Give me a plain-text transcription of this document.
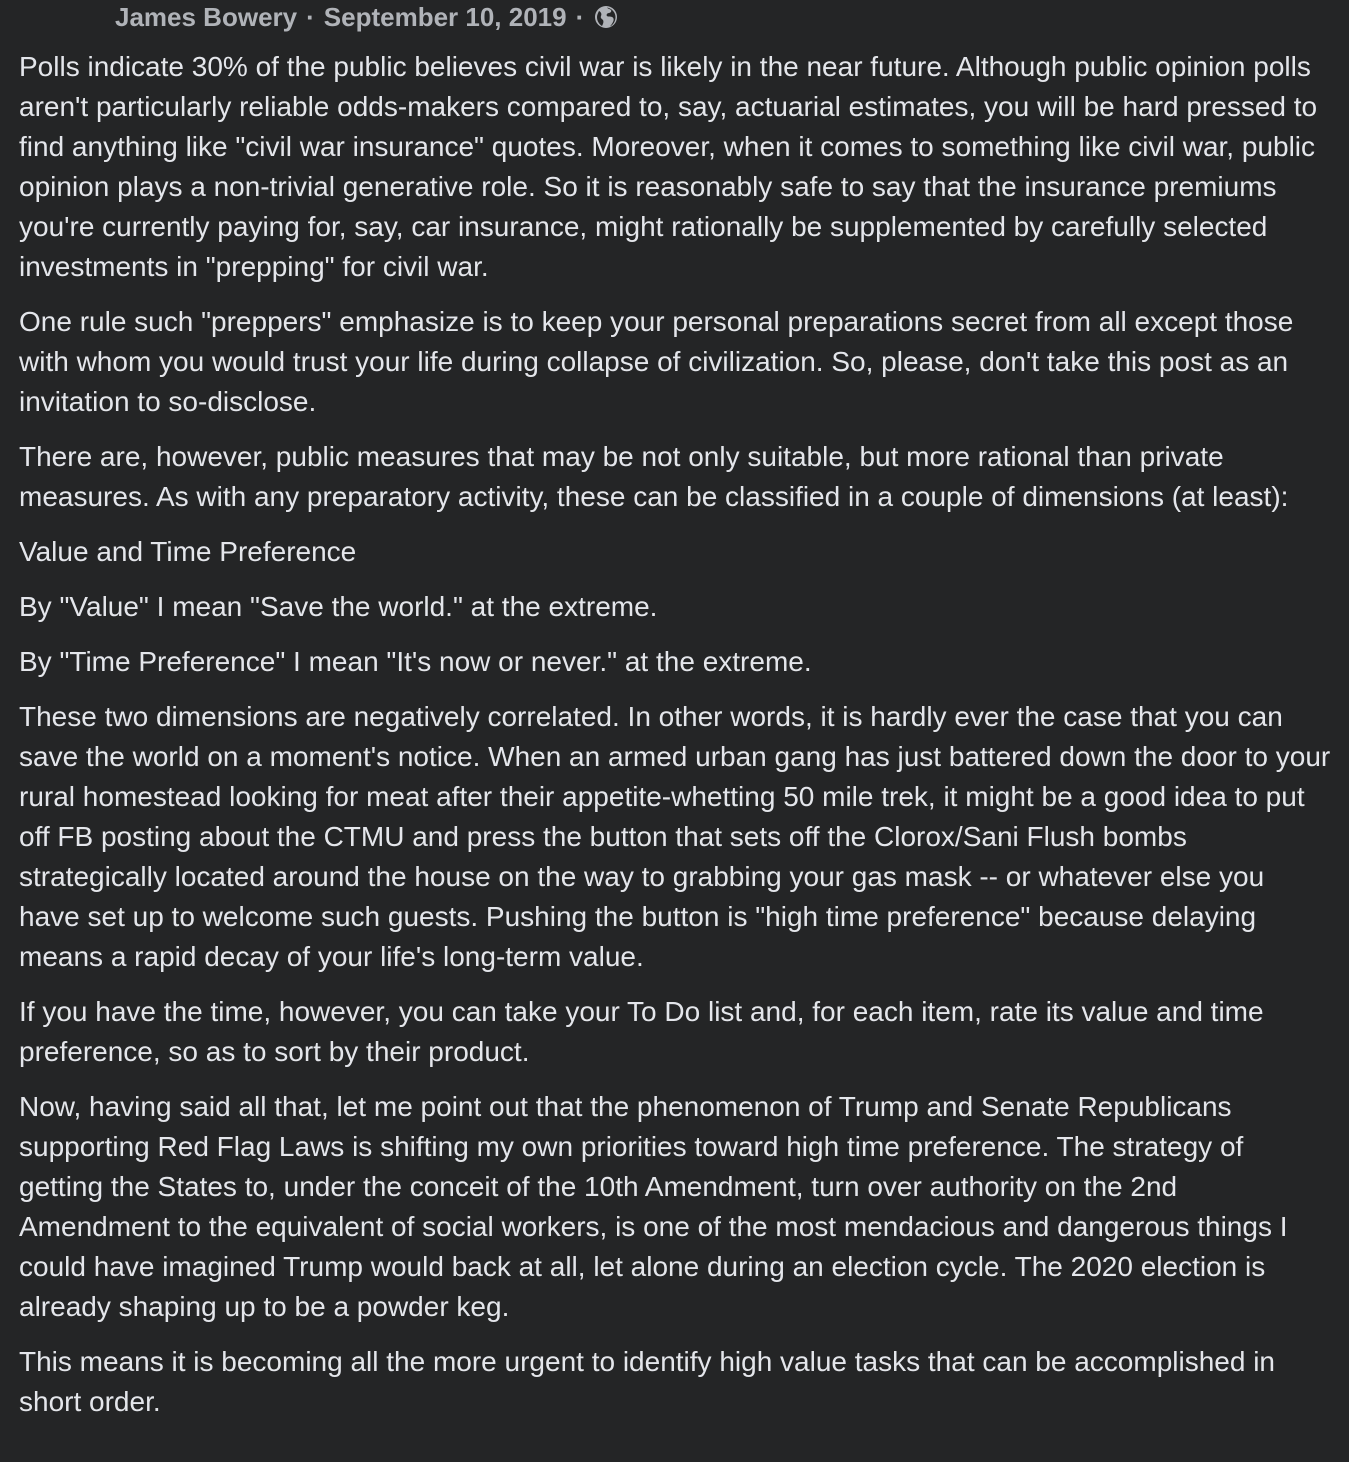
James Bowery · September 10, 2019 ·

Polls indicate 30% of the public believes civil war is likely in the near future. Although public opinion polls aren't particularly reliable odds-makers compared to, say, actuarial estimates, you will be hard pressed to find anything like "civil war insurance" quotes. Moreover, when it comes to something like civil war, public opinion plays a non-trivial generative role. So it is reasonably safe to say that the insurance premiums you're currently paying for, say, car insurance, might rationally be supplemented by carefully selected investments in "prepping" for civil war.

One rule such "preppers" emphasize is to keep your personal preparations secret from all except those with whom you would trust your life during collapse of civilization. So, please, don't take this post as an invitation to so-disclose.

There are, however, public measures that may be not only suitable, but more rational than private measures. As with any preparatory activity, these can be classified in a couple of dimensions (at least):

Value and Time Preference

By "Value" I mean "Save the world." at the extreme.

By "Time Preference" I mean "It's now or never." at the extreme.

These two dimensions are negatively correlated. In other words, it is hardly ever the case that you can save the world on a moment's notice. When an armed urban gang has just battered down the door to your rural homestead looking for meat after their appetite-whetting 50 mile trek, it might be a good idea to put off FB posting about the CTMU and press the button that sets off the Clorox/Sani Flush bombs strategically located around the house on the way to grabbing your gas mask -- or whatever else you have set up to welcome such guests. Pushing the button is "high time preference" because delaying means a rapid decay of your life's long-term value.

If you have the time, however, you can take your To Do list and, for each item, rate its value and time preference, so as to sort by their product.

Now, having said all that, let me point out that the phenomenon of Trump and Senate Republicans supporting Red Flag Laws is shifting my own priorities toward high time preference. The strategy of getting the States to, under the conceit of the 10th Amendment, turn over authority on the 2nd Amendment to the equivalent of social workers, is one of the most mendacious and dangerous things I could have imagined Trump would back at all, let alone during an election cycle. The 2020 election is already shaping up to be a powder keg.

This means it is becoming all the more urgent to identify high value tasks that can be accomplished in short order.
